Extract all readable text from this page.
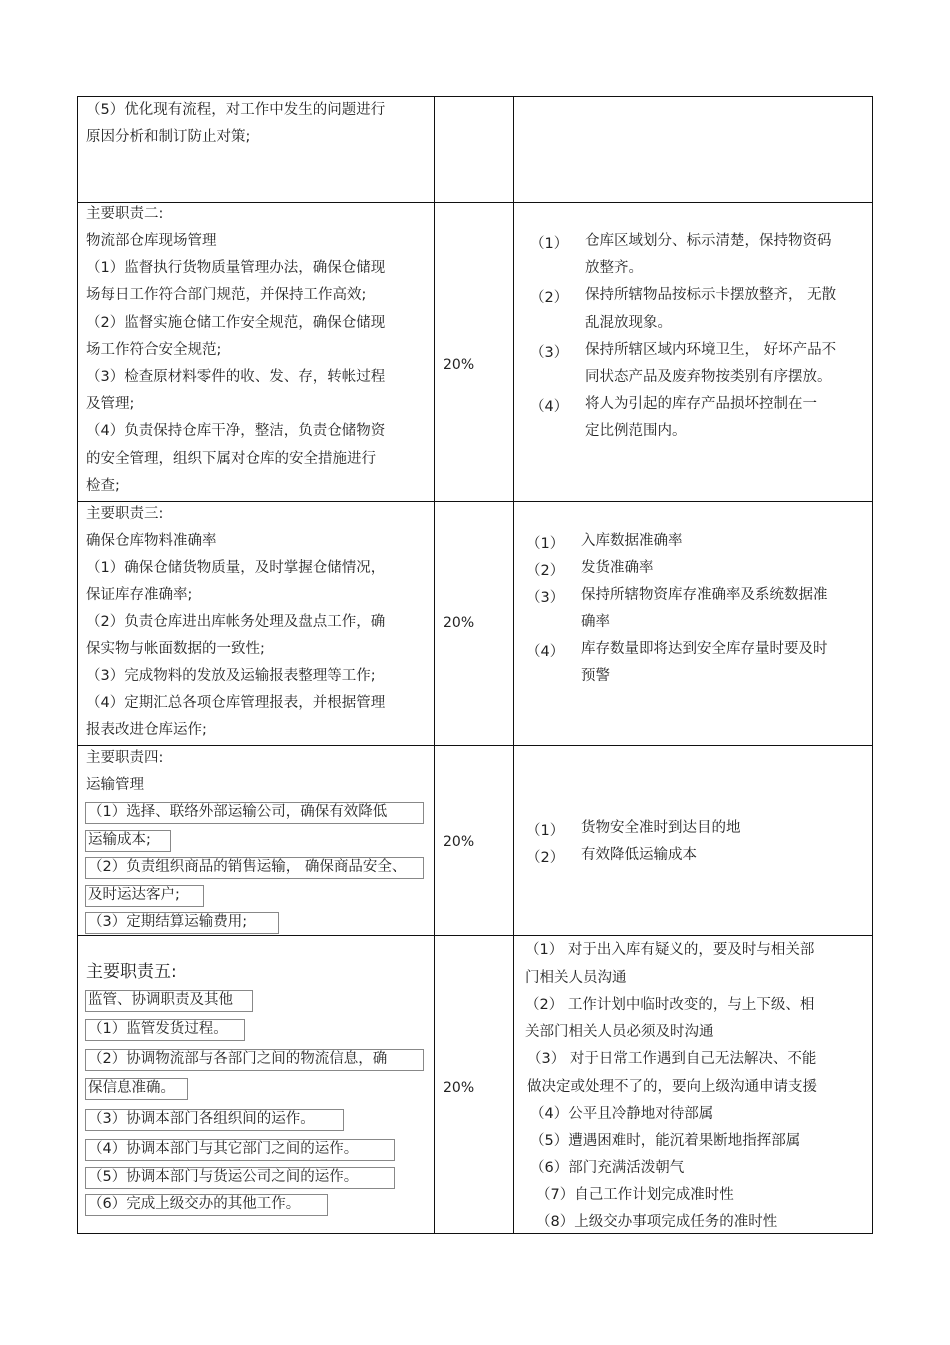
（5）优化现有流程，对工作中发生的问题进行
原因分析和制订防止对策;
主要职责二:
物流部仓库现场管理
（1）监督执行货物质量管理办法，确保仓储现
场每日工作符合部门规范，并保持工作高效;
（2）监督实施仓储工作安全规范，确保仓储现
场工作符合安全规范;
（3）检查原材料零件的收、发、存，转帐过程
及管理;
（4）负责保持仓库干净，整洁，负责仓储物资
的安全管理，组织下属对仓库的安全措施进行
检查;
20%
（1） 仓库区域划分、标示清楚，保持物资码
放整齐。
（2） 保持所辖物品按标示卡摆放整齐， 无散
乱混放现象。
（3） 保持所辖区域内环境卫生， 好坏产品不
同状态产品及废弃物按类别有序摆放。
（4） 将人为引起的库存产品损坏控制在一
定比例范围内。
主要职责三:
确保仓库物料准确率
（1）确保仓储货物质量，及时掌握仓储情况，
保证库存准确率;
（2）负责仓库进出库帐务处理及盘点工作，确
保实物与帐面数据的一致性;
（3）完成物料的发放及运输报表整理等工作;
（4）定期汇总各项仓库管理报表，并根据管理
报表改进仓库运作;
20%
（1） 入库数据准确率
（2） 发货准确率
（3） 保持所辖物资库存准确率及系统数据准
确率
（4） 库存数量即将达到安全库存量时要及时
预警
主要职责四:
运输管理
（1）选择、联络外部运输公司，确保有效降低
运输成本;
（2）负责组织商品的销售运输， 确保商品安全、
及时运达客户;
（3）定期结算运输费用;
20%
（1） 货物安全准时到达目的地
（2） 有效降低运输成本
主要职责五:
监管、协调职责及其他
（1）监管发货过程。
（2）协调物流部与各部门之间的物流信息，确
保信息准确。
（3）协调本部门各组织间的运作。
（4）协调本部门与其它部门之间的运作。
（5）协调本部门与货运公司之间的运作。
（6）完成上级交办的其他工作。
20%
（1） 对于出入库有疑义的，要及时与相关部
门相关人员沟通
（2） 工作计划中临时改变的，与上下级、相
关部门相关人员必须及时沟通
（3） 对于日常工作遇到自己无法解决、不能
做决定或处理不了的，要向上级沟通申请支援
（4）公平且冷静地对待部属
（5）遭遇困难时，能沉着果断地指挥部属
（6）部门充满活泼朝气
（7）自己工作计划完成准时性
（8）上级交办事项完成任务的准时性
